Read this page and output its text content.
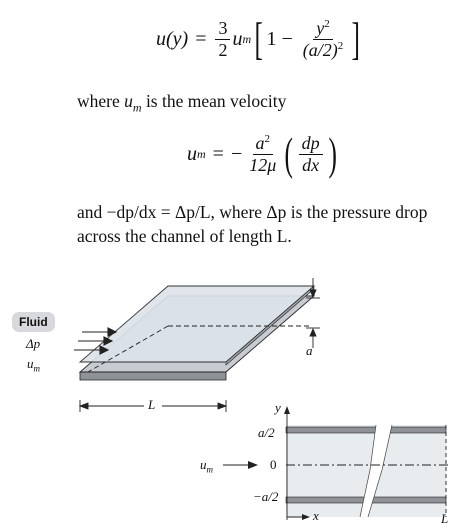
$u(y) = \frac{3}{2}$ u m [ $1 - \frac{y^2}{(a/2)^2}$ ]
where $u_m$ is the mean velocity
u m = − $\frac{a^2}{12\mu}$ ( $\frac{dp}{dx}$ )
and −dp/dx = Δp/L, where Δp is the pressure drop
across the channel of length L.
Fluid
Δp
$u_m$
a
L	y
a/2
0
−a/2
$u_m$
x	L
